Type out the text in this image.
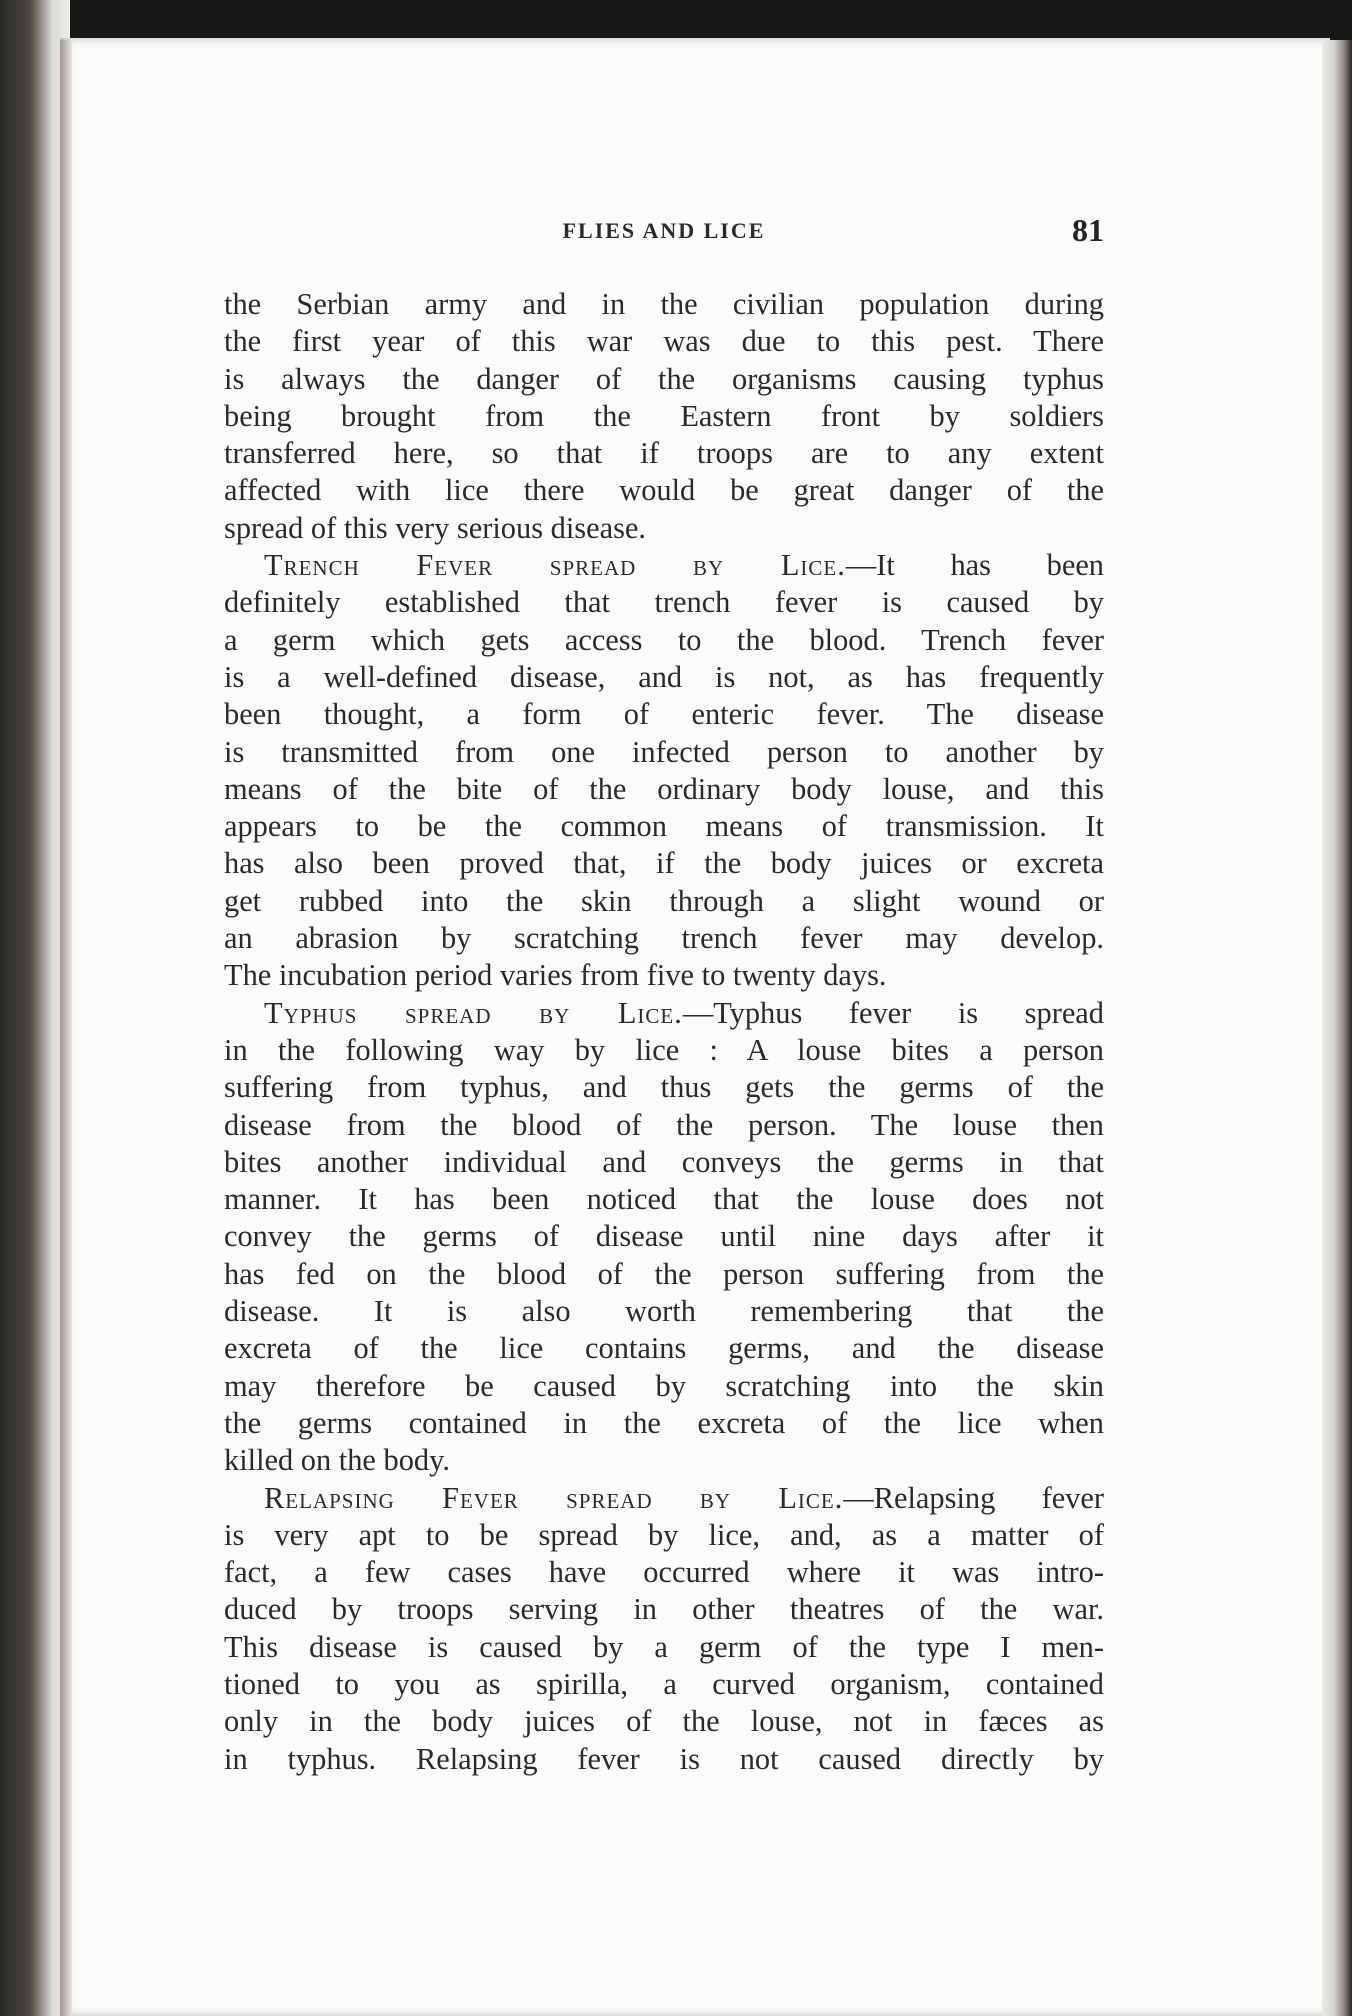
FLIES AND LICE	81

the Serbian army and in the civilian population during
the first year of this war was due to this pest. There
is always the danger of the organisms causing typhus
being brought from the Eastern front by soldiers
transferred here, so that if troops are to any extent
affected with lice there would be great danger of the
spread of this very serious disease.

Trench Fever spread by Lice.—It has been
definitely established that trench fever is caused by
a germ which gets access to the blood. Trench fever
is a well-defined disease, and is not, as has frequently
been thought, a form of enteric fever. The disease
is transmitted from one infected person to another by
means of the bite of the ordinary body louse, and this
appears to be the common means of transmission. It
has also been proved that, if the body juices or excreta
get rubbed into the skin through a slight wound or
an abrasion by scratching trench fever may develop.
The incubation period varies from five to twenty days.

Typhus spread by Lice.—Typhus fever is spread
in the following way by lice : A louse bites a person
suffering from typhus, and thus gets the germs of the
disease from the blood of the person. The louse then
bites another individual and conveys the germs in that
manner. It has been noticed that the louse does not
convey the germs of disease until nine days after it
has fed on the blood of the person suffering from the
disease. It is also worth remembering that the
excreta of the lice contains germs, and the disease
may therefore be caused by scratching into the skin
the germs contained in the excreta of the lice when
killed on the body.

Relapsing Fever spread by Lice.—Relapsing fever
is very apt to be spread by lice, and, as a matter of
fact, a few cases have occurred where it was intro-
duced by troops serving in other theatres of the war.
This disease is caused by a germ of the type I men-
tioned to you as spirilla, a curved organism, contained
only in the body juices of the louse, not in fæces as
in typhus. Relapsing fever is not caused directly by
